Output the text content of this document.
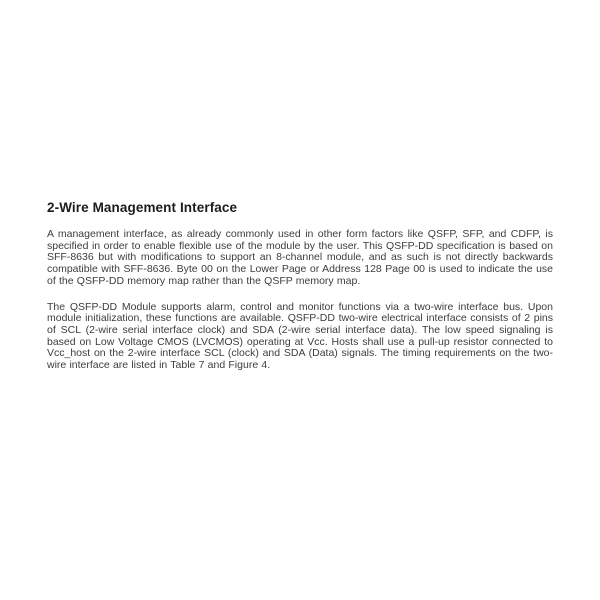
2-Wire Management Interface
A management interface, as already commonly used in other form factors like QSFP, SFP, and CDFP, is
specified in order to enable flexible use of the module by the user. This QSFP-DD specification is based on
SFF-8636 but with modifications to support an 8-channel module, and as such is not directly backwards
compatible with SFF-8636. Byte 00 on the Lower Page or Address 128 Page 00 is used to indicate the use
of the QSFP-DD memory map rather than the QSFP memory map.
The QSFP-DD Module supports alarm, control and monitor functions via a two-wire interface bus. Upon
module initialization, these functions are available. QSFP-DD two-wire electrical interface consists of 2 pins
of SCL (2-wire serial interface clock) and SDA (2-wire serial interface data). The low speed signaling is
based on Low Voltage CMOS (LVCMOS) operating at Vcc. Hosts shall use a pull-up resistor connected to
Vcc_host on the 2-wire interface SCL (clock) and SDA (Data) signals. The timing requirements on the two-
wire interface are listed in Table 7 and Figure 4.
